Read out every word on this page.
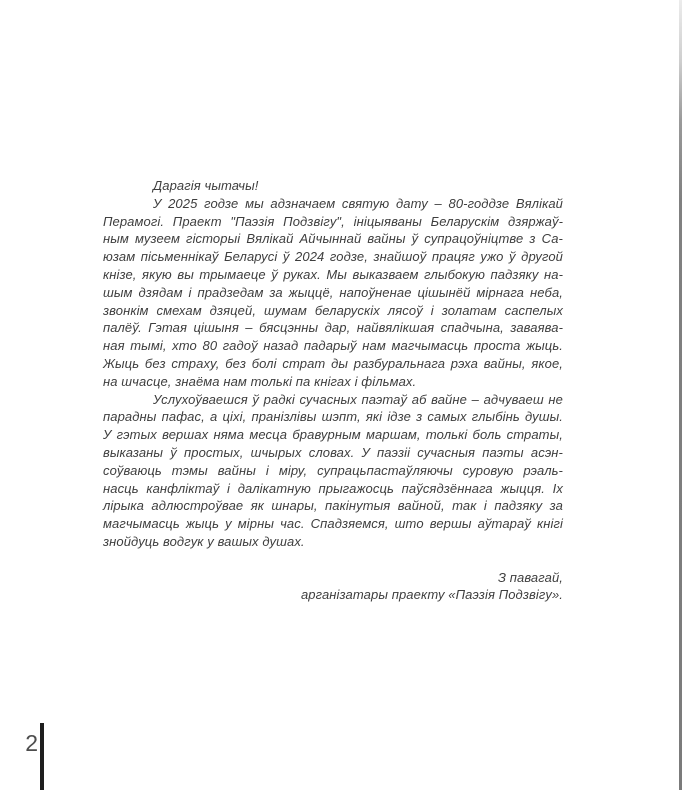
Дарагія чытачы!
У 2025 годзе мы адзначаем святую дату – 80-годдзе Вялікай
Перамогі. Праект "Паэзія Подзвігу", ініцыяваны Беларускім дзяржаў-
ным музеем гісторыі Вялікай Айчыннай вайны ў супрацоўніцтве з Са-
юзам пісьменнікаў Беларусі ў 2024 годзе, знайшоў працяг ужо ў другой
кнізе, якую вы трымаеце ў руках. Мы выказваем глыбокую падзяку на-
шым дзядам і прадзедам за жыццё, напоўненае цішынёй мірнага неба,
звонкім смехам дзяцей, шумам беларускіх лясоў і золатам саспелых
палёў. Гэтая цішыня – бясцэнны дар, найвялікшая спадчына, заваява-
ная тымі, хто 80 гадоў назад падарыў нам магчымасць проста жыць.
Жыць без страху, без болі страт ды разбуральнага рэха вайны, якое,
на шчасце, знаёма нам толькі па кнігах і фільмах.
Услухоўваешся ў радкі сучасных паэтаў аб вайне – адчуваеш не
парадны пафас, а ціхі, пранізлівы шэпт, які ідзе з самых глыбінь душы.
У гэтых вершах няма месца бравурным маршам, толькі боль страты,
выказаны ў простых, шчырых словах. У паэзіі сучасныя паэты асэн-
соўваюць тэмы вайны і міру, супрацьпастаўляючы суровую рэаль-
насць канфліктаў і далікатную прыгажосць паўсядзённага жыцця. Іх
лірыка адлюстроўвае як шнары, пакінутыя вайной, так і падзяку за
магчымасць жыць у мірны час. Спадзяемся, што вершы аўтараў кнігі
знойдуць водгук у вашых душах.
З павагай,
арганізатары праекту «Паэзія Подзвігу».
2
